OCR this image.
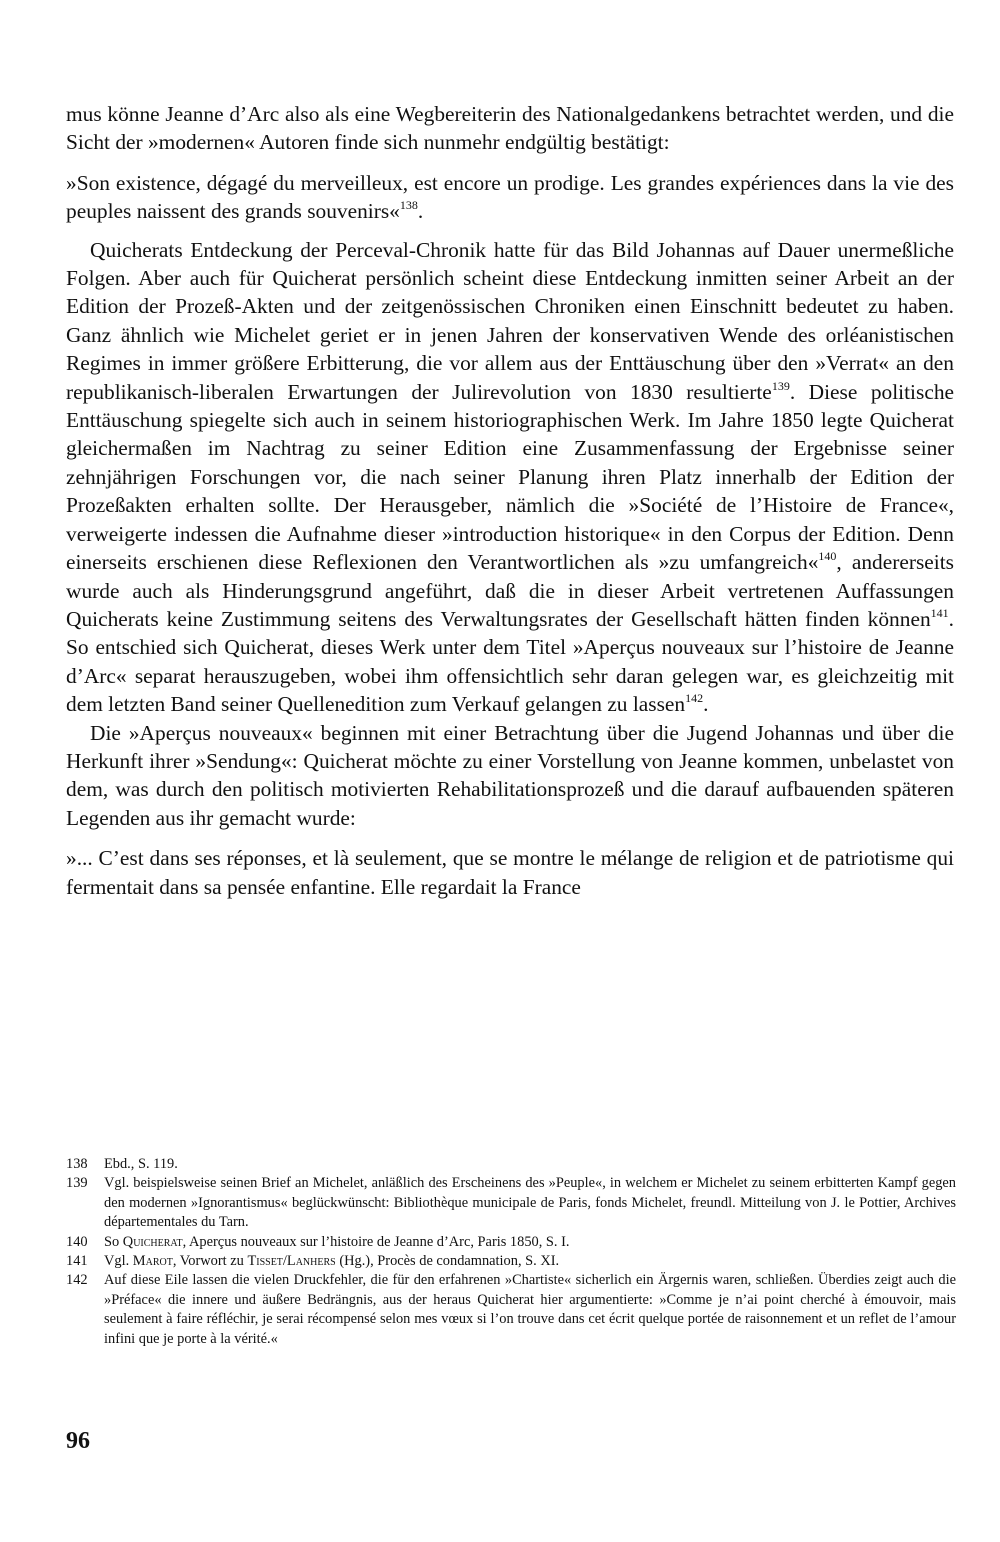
mus könne Jeanne d’Arc also als eine Wegbereiterin des Nationalgedankens betrachtet werden, und die Sicht der »modernen« Autoren finde sich nunmehr endgültig bestätigt:

»Son existence, dégagé du merveilleux, est encore un prodige. Les grandes expériences dans la vie des peuples naissent des grands souvenirs«$^{138}$.

Quicherats Entdeckung der Perceval-Chronik hatte für das Bild Johannas auf Dauer unermeßliche Folgen. Aber auch für Quicherat persönlich scheint diese Entdeckung inmitten seiner Arbeit an der Edition der Prozeß-Akten und der zeitgenössischen Chroniken einen Einschnitt bedeutet zu haben. Ganz ähnlich wie Michelet geriet er in jenen Jahren der konservativen Wende des orléanistischen Regimes in immer größere Erbitterung, die vor allem aus der Enttäuschung über den »Verrat« an den republikanisch-liberalen Erwartungen der Julirevolution von 1830 resultierte$^{139}$. Diese politische Enttäuschung spiegelte sich auch in seinem historiographischen Werk. Im Jahre 1850 legte Quicherat gleichermaßen im Nachtrag zu seiner Edition eine Zusammenfassung der Ergebnisse seiner zehnjährigen Forschungen vor, die nach seiner Planung ihren Platz innerhalb der Edition der Prozeßakten erhalten sollte. Der Herausgeber, nämlich die »Société de l’Histoire de France«, verweigerte indessen die Aufnahme dieser »introduction historique« in den Corpus der Edition. Denn einerseits erschienen diese Reflexionen den Verantwortlichen als »zu umfangreich«$^{140}$, andererseits wurde auch als Hinderungsgrund angeführt, daß die in dieser Arbeit vertretenen Auffassungen Quicherats keine Zustimmung seitens des Verwaltungsrates der Gesellschaft hätten finden können$^{141}$. So entschied sich Quicherat, dieses Werk unter dem Titel »Aperçus nouveaux sur l’histoire de Jeanne d’Arc« separat herauszugeben, wobei ihm offensichtlich sehr daran gelegen war, es gleichzeitig mit dem letzten Band seiner Quellenedition zum Verkauf gelangen zu lassen$^{142}$.

Die »Aperçus nouveaux« beginnen mit einer Betrachtung über die Jugend Johannas und über die Herkunft ihrer »Sendung«: Quicherat möchte zu einer Vorstellung von Jeanne kommen, unbelastet von dem, was durch den politisch motivierten Rehabilitationsprozeß und die darauf aufbauenden späteren Legenden aus ihr gemacht wurde:

»... C’est dans ses réponses, et là seulement, que se montre le mélange de religion et de patriotisme qui fermentait dans sa pensée enfantine. Elle regardait la France

138	Ebd., S. 119.

139	Vgl. beispielsweise seinen Brief an Michelet, anläßlich des Erscheinens des »Peuple«, in welchem er Michelet zu seinem erbitterten Kampf gegen den modernen »Ignorantismus« beglückwünscht: Bibliothèque municipale de Paris, fonds Michelet, freundl. Mitteilung von J. le Pottier, Archives départementales du Tarn.

140	So Quicherat, Aperçus nouveaux sur l’histoire de Jeanne d’Arc, Paris 1850, S. I.

141	Vgl. Marot, Vorwort zu Tisset/Lanhers (Hg.), Procès de condamnation, S. XI.

142	Auf diese Eile lassen die vielen Druckfehler, die für den erfahrenen »Chartiste« sicherlich ein Ärgernis waren, schließen. Überdies zeigt auch die »Préface« die innere und äußere Bedrängnis, aus der heraus Quicherat hier argumentierte: »Comme je n’ai point cherché à émouvoir, mais seulement à faire réfléchir, je serai récompensé selon mes vœux si l’on trouve dans cet écrit quelque portée de raisonnement et un reflet de l’amour infini que je porte à la vérité.«

96
